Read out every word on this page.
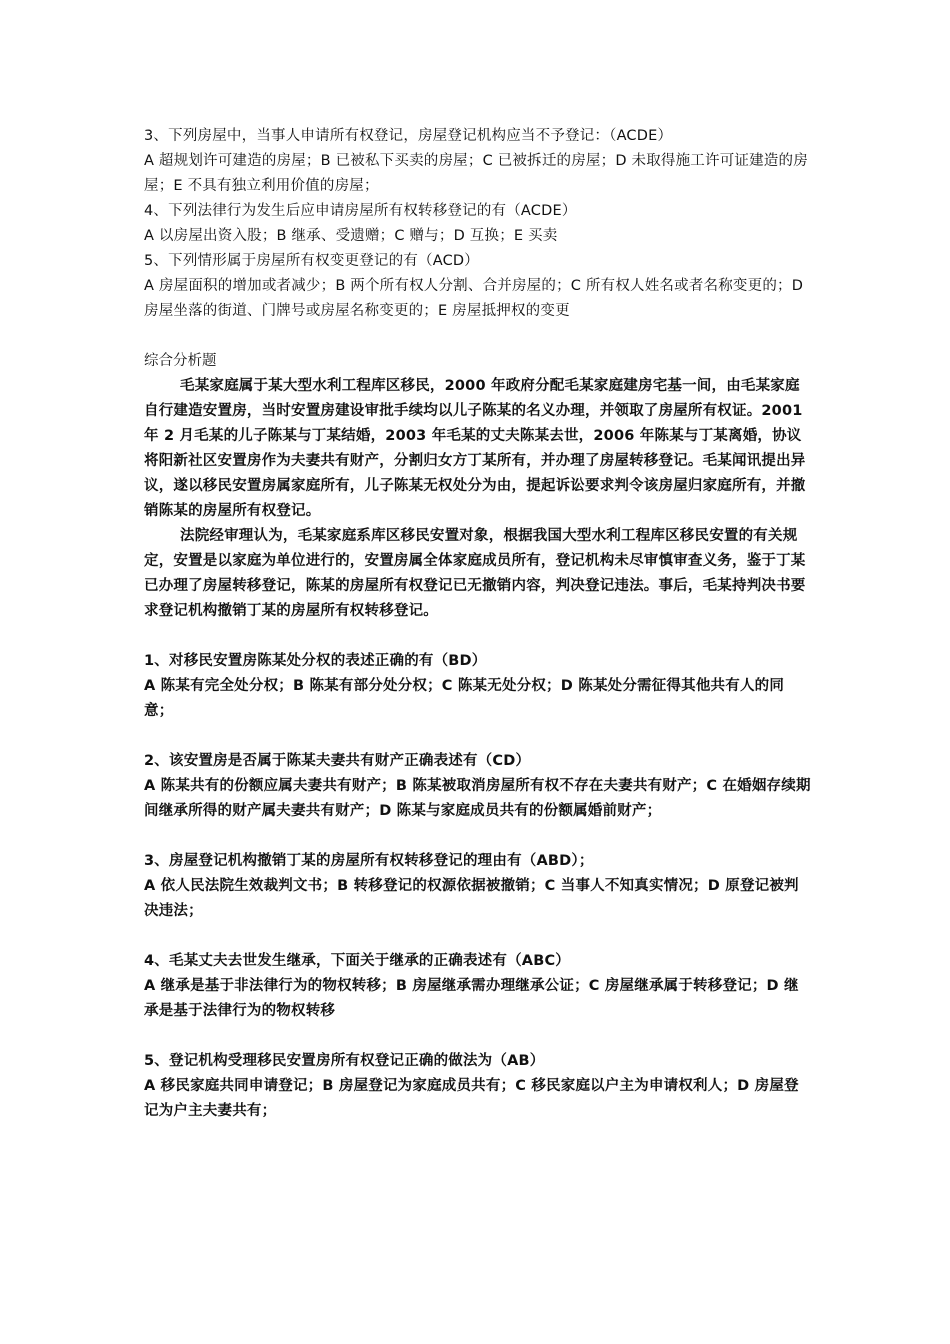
3、下列房屋中，当事人申请所有权登记，房屋登记机构应当不予登记：（ACDE）

A 超规划许可建造的房屋；B 已被私下买卖的房屋；C 已被拆迁的房屋；D 未取得施工许可证建造的房屋；E 不具有独立利用价值的房屋；

4、下列法律行为发生后应申请房屋所有权转移登记的有（ACDE）

A 以房屋出资入股；B 继承、受遗赠；C 赠与；D 互换；E 买卖

5、下列情形属于房屋所有权变更登记的有（ACD）

A 房屋面积的增加或者减少；B 两个所有权人分割、合并房屋的；C 所有权人姓名或者名称变更的；D 房屋坐落的街道、门牌号或房屋名称变更的；E 房屋抵押权的变更

综合分析题

毛某家庭属于某大型水利工程库区移民，2000 年政府分配毛某家庭建房宅基一间，由毛某家庭自行建造安置房，当时安置房建设审批手续均以儿子陈某的名义办理，并领取了房屋所有权证。2001 年 2 月毛某的儿子陈某与丁某结婚，2003 年毛某的丈夫陈某去世，2006 年陈某与丁某离婚，协议将阳新社区安置房作为夫妻共有财产，分割归女方丁某所有，并办理了房屋转移登记。毛某闻讯提出异议，遂以移民安置房属家庭所有，儿子陈某无权处分为由，提起诉讼要求判令该房屋归家庭所有，并撤销陈某的房屋所有权登记。

法院经审理认为，毛某家庭系库区移民安置对象，根据我国大型水利工程库区移民安置的有关规定，安置是以家庭为单位进行的，安置房属全体家庭成员所有，登记机构未尽审慎审查义务，鉴于丁某已办理了房屋转移登记，陈某的房屋所有权登记已无撤销内容，判决登记违法。事后，毛某持判决书要求登记机构撤销丁某的房屋所有权转移登记。

1、对移民安置房陈某处分权的表述正确的有（BD）

A 陈某有完全处分权；B 陈某有部分处分权；C 陈某无处分权；D 陈某处分需征得其他共有人的同意；

2、该安置房是否属于陈某夫妻共有财产正确表述有（CD）

A 陈某共有的份额应属夫妻共有财产；B 陈某被取消房屋所有权不存在夫妻共有财产；C 在婚姻存续期间继承所得的财产属夫妻共有财产；D 陈某与家庭成员共有的份额属婚前财产；

3、房屋登记机构撤销丁某的房屋所有权转移登记的理由有（ABD）；

A 依人民法院生效裁判文书；B 转移登记的权源依据被撤销；C 当事人不知真实情况；D 原登记被判决违法；

4、毛某丈夫去世发生继承，下面关于继承的正确表述有（ABC）

A 继承是基于非法律行为的物权转移；B 房屋继承需办理继承公证；C 房屋继承属于转移登记；D 继承是基于法律行为的物权转移

5、登记机构受理移民安置房所有权登记正确的做法为（AB）

A 移民家庭共同申请登记；B 房屋登记为家庭成员共有；C 移民家庭以户主为申请权利人；D 房屋登记为户主夫妻共有；
